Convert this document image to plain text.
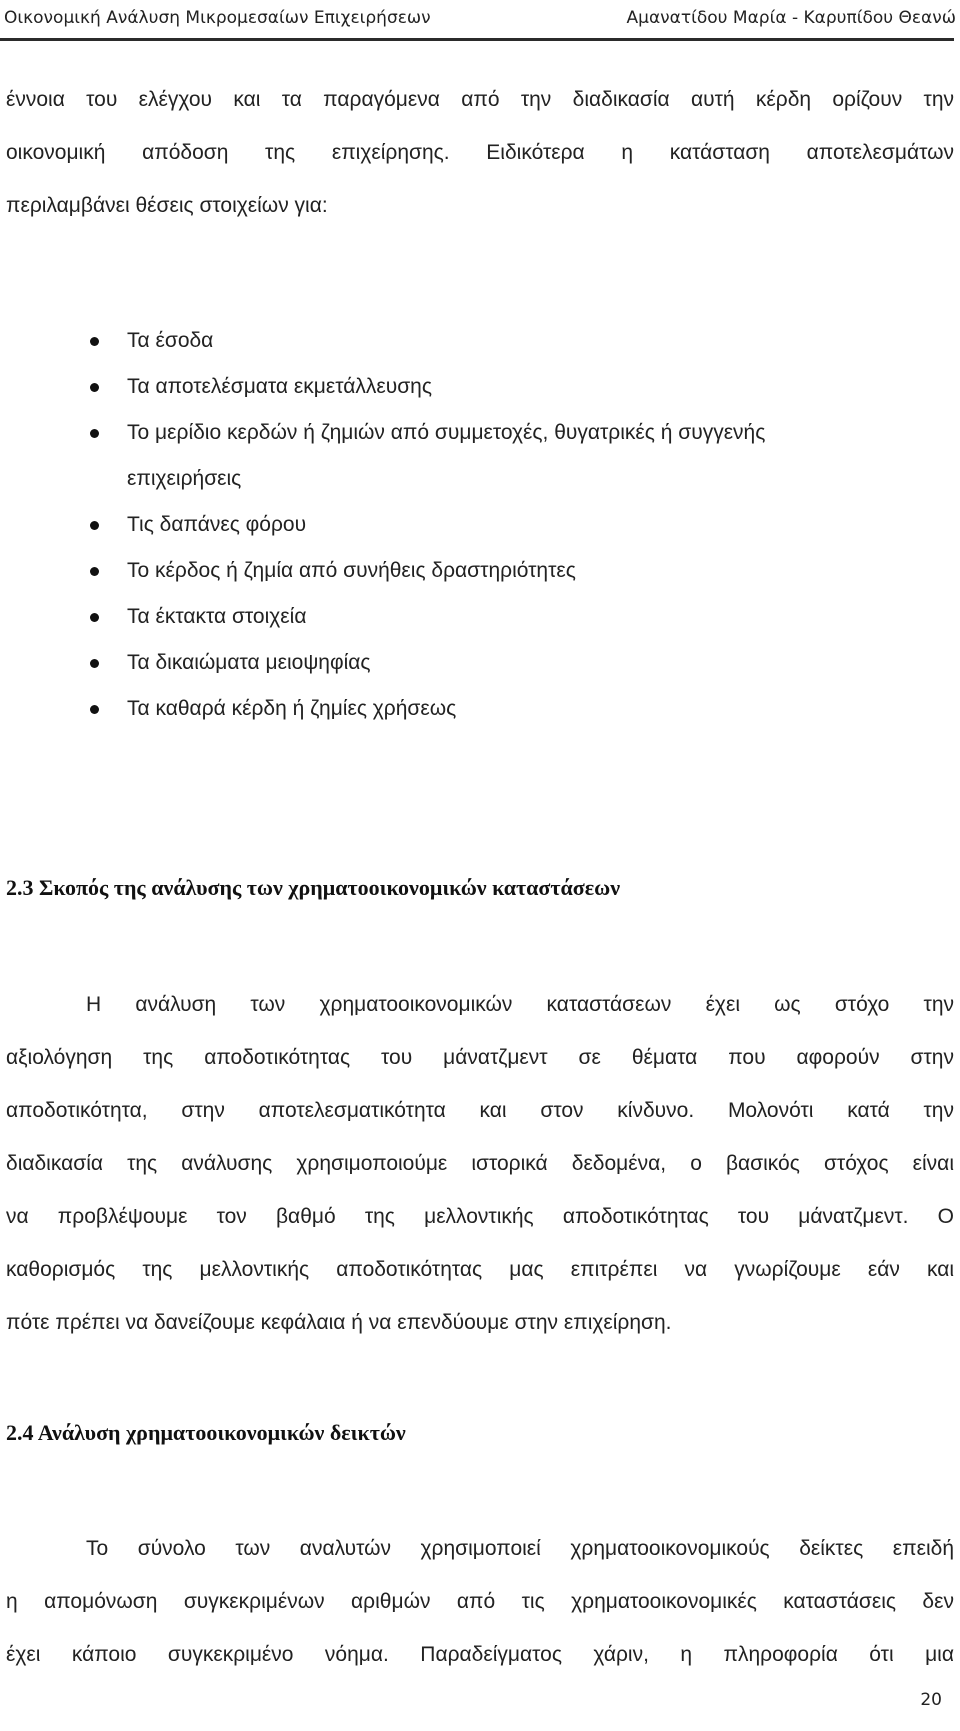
Οικονομική Ανάλυση Μικρομεσαίων Επιχειρήσεων	Αμανατίδου Μαρία - Καρυπίδου Θεανώ
έννοια του ελέγχου και τα παραγόμενα από την διαδικασία αυτή κέρδη ορίζουν την
οικονομική απόδοση της επιχείρησης. Ειδικότερα η κατάσταση αποτελεσμάτων
περιλαμβάνει θέσεις στοιχείων για:
Τα έσοδα
Τα αποτελέσματα εκμετάλλευσης
Το μερίδιο κερδών ή ζημιών από συμμετοχές, θυγατρικές ή συγγενής
επιχειρήσεις
Τις δαπάνες φόρου
Το κέρδος ή ζημία από συνήθεις δραστηριότητες
Τα έκτακτα στοιχεία
Τα δικαιώματα μειοψηφίας
Τα καθαρά κέρδη ή ζημίες χρήσεως
2.3 Σκοπός της ανάλυσης των χρηματοοικονομικών καταστάσεων
Η ανάλυση των χρηματοοικονομικών καταστάσεων έχει ως στόχο την
αξιολόγηση της αποδοτικότητας του μάνατζμεντ σε θέματα που αφορούν στην
αποδοτικότητα, στην αποτελεσματικότητα και στον κίνδυνο. Μολονότι κατά την
διαδικασία της ανάλυσης χρησιμοποιούμε ιστορικά δεδομένα, ο βασικός στόχος είναι
να προβλέψουμε τον βαθμό της μελλοντικής αποδοτικότητας του μάνατζμεντ. Ο
καθορισμός της μελλοντικής αποδοτικότητας μας επιτρέπει να γνωρίζουμε εάν και
πότε πρέπει να δανείζουμε κεφάλαια ή να επενδύουμε στην επιχείρηση.
2.4 Ανάλυση χρηματοοικονομικών δεικτών
Το σύνολο των αναλυτών χρησιμοποιεί χρηματοοικονομικούς δείκτες επειδή
η απομόνωση συγκεκριμένων αριθμών από τις χρηματοοικονομικές καταστάσεις δεν
έχει κάποιο συγκεκριμένο νόημα. Παραδείγματος χάριν, η πληροφορία ότι μια
20
